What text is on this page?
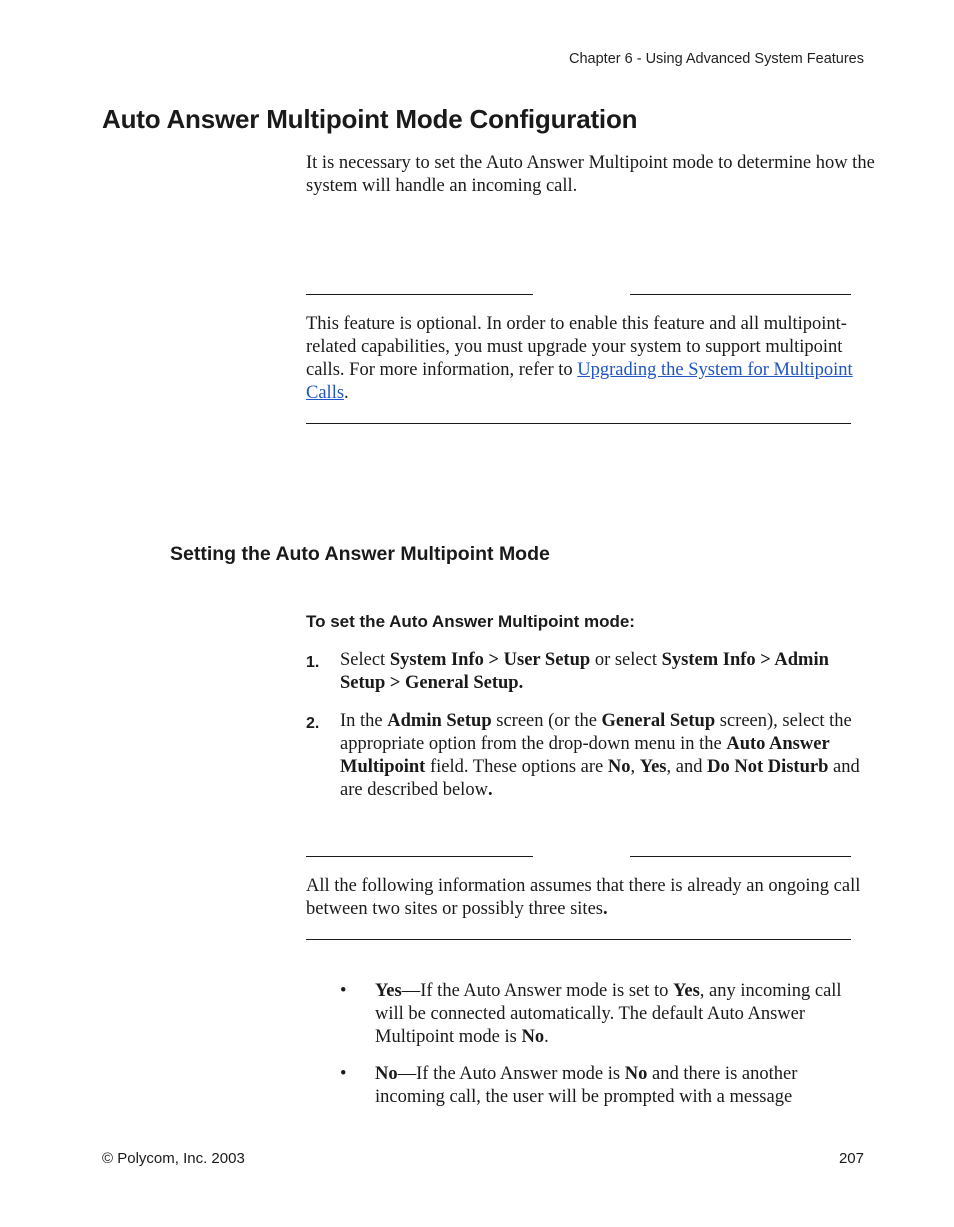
Chapter 6 - Using Advanced System Features
Auto Answer Multipoint Mode Configuration
It is necessary to set the Auto Answer Multipoint mode to determine how the system will handle an incoming call.
This feature is optional. In order to enable this feature and all multipoint-related capabilities, you must upgrade your system to support multipoint calls. For more information, refer to Upgrading the System for Multipoint Calls.
Setting the Auto Answer Multipoint Mode
To set the Auto Answer Multipoint mode:
1. Select System Info > User Setup or select System Info > Admin Setup > General Setup.
2. In the Admin Setup screen (or the General Setup screen), select the appropriate option from the drop-down menu in the Auto Answer Multipoint field. These options are No, Yes, and Do Not Disturb and are described below.
All the following information assumes that there is already an ongoing call between two sites or possibly three sites.
• Yes—If the Auto Answer mode is set to Yes, any incoming call will be connected automatically. The default Auto Answer Multipoint mode is No.
• No—If the Auto Answer mode is No and there is another incoming call, the user will be prompted with a message
© Polycom, Inc. 2003	207
